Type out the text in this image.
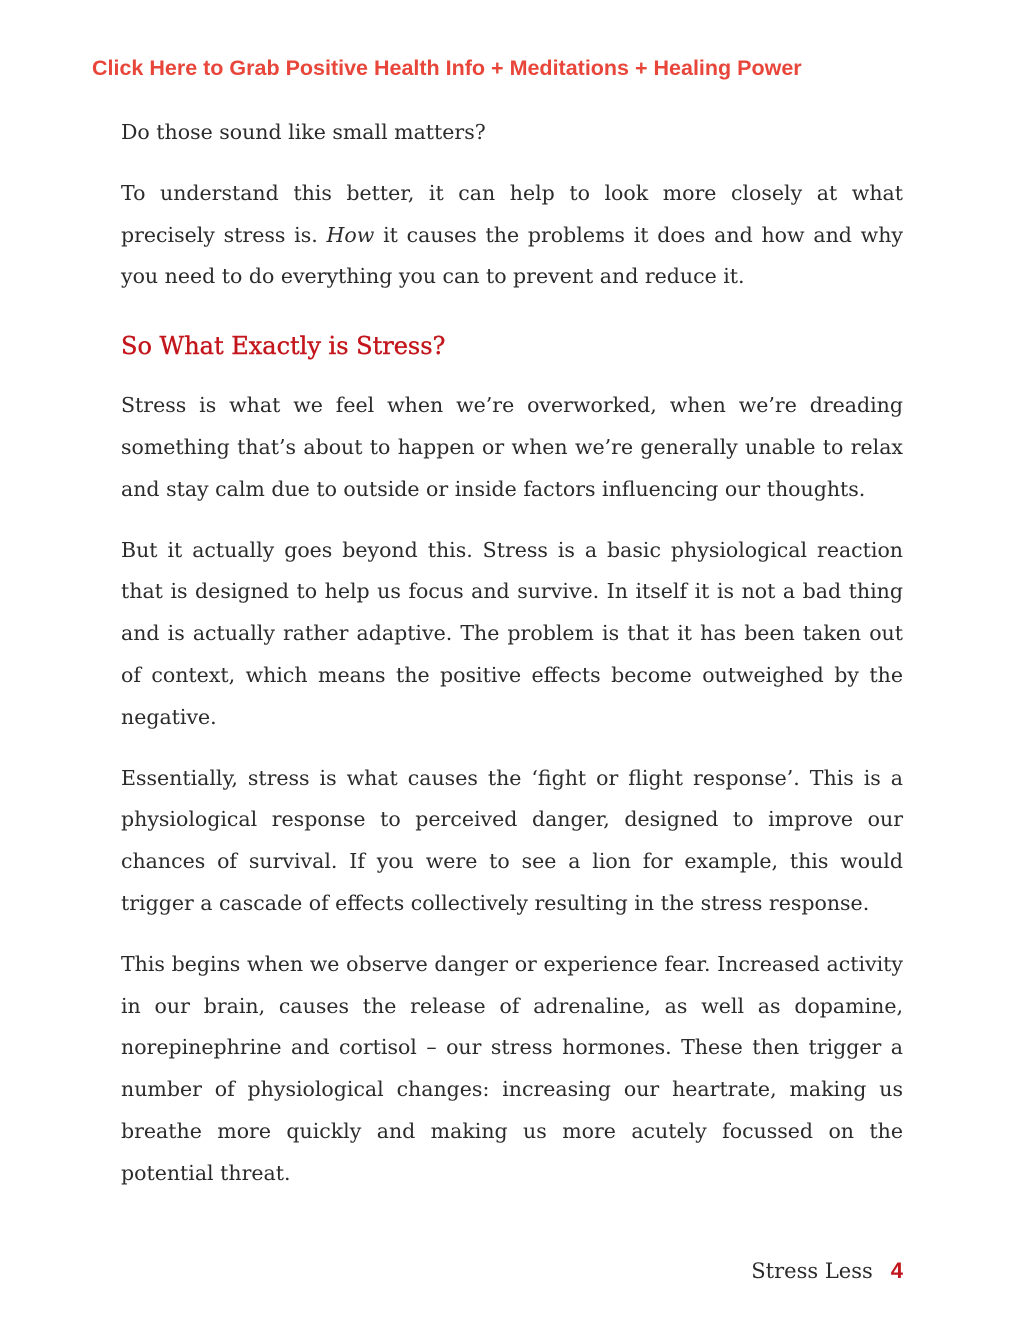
Click Here to Grab Positive Health Info + Meditations + Healing Power

Do those sound like small matters?

To understand this better, it can help to look more closely at what precisely stress is. How it causes the problems it does and how and why you need to do everything you can to prevent and reduce it.

So What Exactly is Stress?

Stress is what we feel when we’re overworked, when we’re dreading something that’s about to happen or when we’re generally unable to relax and stay calm due to outside or inside factors influencing our thoughts.

But it actually goes beyond this. Stress is a basic physiological reaction that is designed to help us focus and survive. In itself it is not a bad thing and is actually rather adaptive. The problem is that it has been taken out of context, which means the positive effects become outweighed by the negative.

Essentially, stress is what causes the ‘fight or flight response’. This is a physiological response to perceived danger, designed to improve our chances of survival. If you were to see a lion for example, this would trigger a cascade of effects collectively resulting in the stress response.

This begins when we observe danger or experience fear. Increased activity in our brain, causes the release of adrenaline, as well as dopamine, norepinephrine and cortisol – our stress hormones. These then trigger a number of physiological changes: increasing our heartrate, making us breathe more quickly and making us more acutely focussed on the potential threat.

Stress Less 4
